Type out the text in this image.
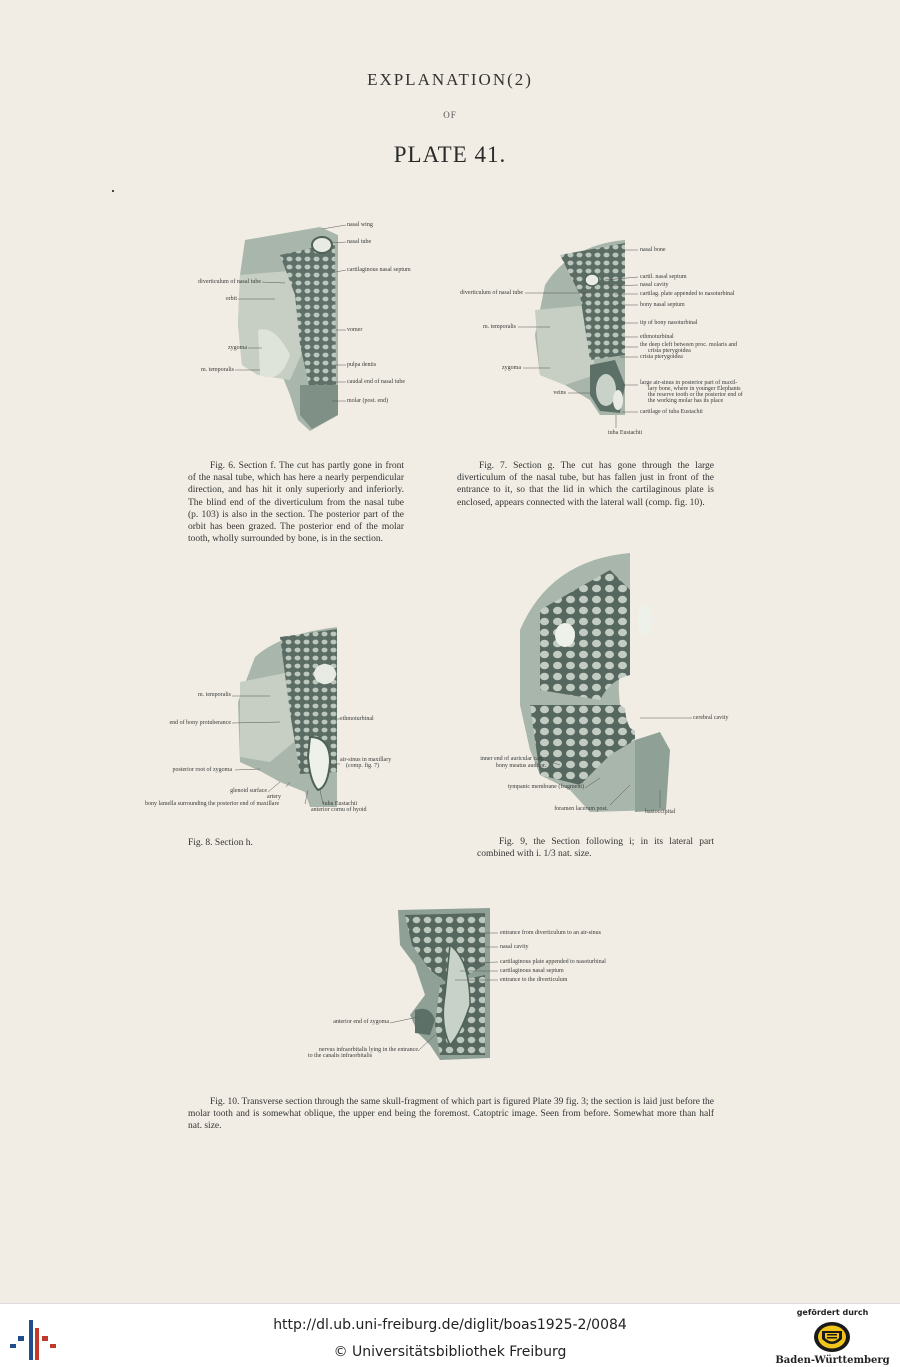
EXPLANATION(2)
OF
PLATE 41.
nasal wing
nasal tube
cartilaginous nasal septum
diverticulum of nasal tube
orbit
vomer
zygoma
pulpa dentis
m. temporalis
caudal end of nasal tube
molar (post. end)

Fig. 6. Section f. The cut has partly gone in front of the nasal tube, which has here a nearly perpendicular direction, and has hit it only superiorly and inferiorly. The blind end of the diverticulum from the nasal tube (p. 103) is also in the section. The posterior part of the orbit has been grazed. The posterior end of the molar tooth, wholly surrounded by bone, is in the section.

nasal bone
cartil. nasal septum
nasal cavity
cartilag. plate appended to nasoturbinal
diverticulum of nasal tube
bony nasal septum
tip of bony nasoturbinal
m. temporalis
ethmoturbinal
the deep cleft between proc. molaris and
crista pterygoidea
crista pterygoidea
zygoma
large air-sinus in posterior part of maxil-
lary bone, where in younger Elephants
the reserve tooth or the posterior end of
the working molar has its place
veins
cartilage of tuba Eustachii
tuba Eustachii

Fig. 7. Section g. The cut has gone through the large diverticulum of the nasal tube, but has fallen just in front of the entrance to it, so that the lid in which the cartilaginous plate is enclosed, appears connected with the lateral wall (comp. fig. 10).

m. temporalis
end of bony protuberance
ethmoturbinal
posterior root of zygoma
air-sinus in maxillary
(comp. fig. 7)
glenoid surface
artery
bony lamella surrounding the posterior end of maxillare	tuba Eustachii
anterior cornu of hyoid
Fig. 8. Section h.
cerebral cavity
inner end of auricular cart.
bony meatus auditor.
tympanic membrane (fragment)
foramen lacerum post.	basioccipital

Fig. 9, the Section following i; in its lateral part combined with i. 1/3 nat. size.

entrance from diverticulum to an air-sinus
nasal cavity
cartilaginous plate appended to nasoturbinal
cartilaginous nasal septum
entrance to the diverticulum
anterior end of zygoma
nervus infraorbitalis lying in the entrance
to the canalis infraorbitalis

Fig. 10. Transverse section through the same skull-fragment of which part is figured Plate 39 fig. 3; the section is laid just before the molar tooth and is somewhat oblique, the upper end being the foremost. Catoptric image. Seen from before. Somewhat more than half nat. size.

http://dl.ub.uni-freiburg.de/diglit/boas1925-2/0084
© Universitätsbibliothek Freiburg
gefördert durch
Baden-Württemberg
